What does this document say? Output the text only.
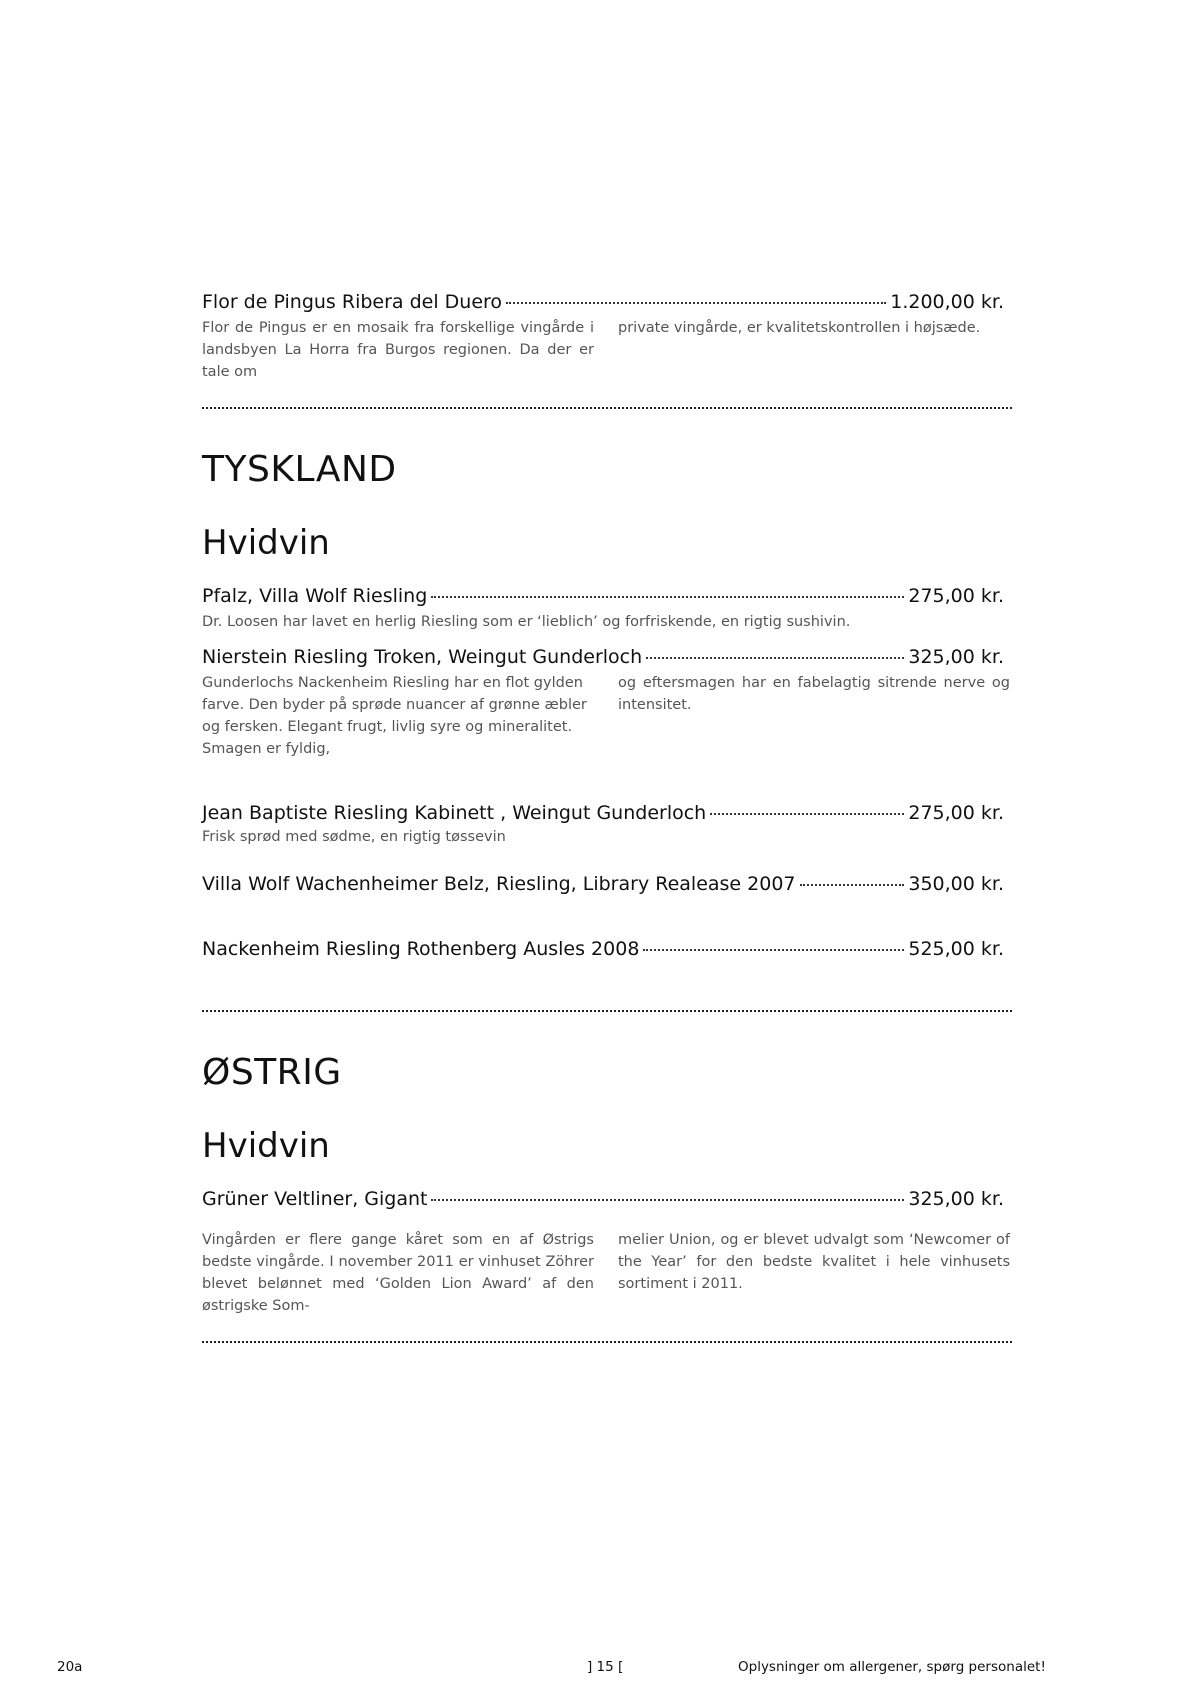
Flor de Pingus Ribera del Duero	1.200,00 kr.
Flor de Pingus er en mosaik fra forskellige vingårde i landsbyen La Horra fra Burgos regionen. Da der er tale om
private vingårde, er kvalitetskontrollen i højsæde.
TYSKLAND
Hvidvin
Pfalz, Villa Wolf Riesling	275,00 kr.
Dr. Loosen har lavet en herlig Riesling som er ‘lieblich’ og forfriskende, en rigtig sushivin.
Nierstein Riesling Troken, Weingut Gunderloch	325,00 kr.
Gunderlochs Nackenheim Riesling har en flot gylden farve. Den byder på sprøde nuancer af grønne æbler og fersken. Elegant frugt, livlig syre og mineralitet. Smagen er fyldig,
og eftersmagen har en fabelagtig sitrende nerve og intensitet.
Jean Baptiste Riesling Kabinett , Weingut Gunderloch	275,00 kr.
Frisk sprød med sødme, en rigtig tøssevin
Villa Wolf Wachenheimer Belz, Riesling, Library Realease 2007	350,00 kr.
Nackenheim Riesling Rothenberg Ausles 2008	525,00 kr.
ØSTRIG
Hvidvin
Grüner Veltliner, Gigant	325,00 kr.
Vingården er flere gange kåret som en af Østrigs bedste vingårde. I november 2011 er vinhuset Zöhrer blevet belønnet med ‘Golden Lion Award’ af den østrigske Som-
melier Union, og er blevet udvalgt som ‘Newcomer of the Year’ for den bedste kvalitet i hele vinhusets sortiment i 2011.
20a	] 15 [	Oplysninger om allergener, spørg personalet!
